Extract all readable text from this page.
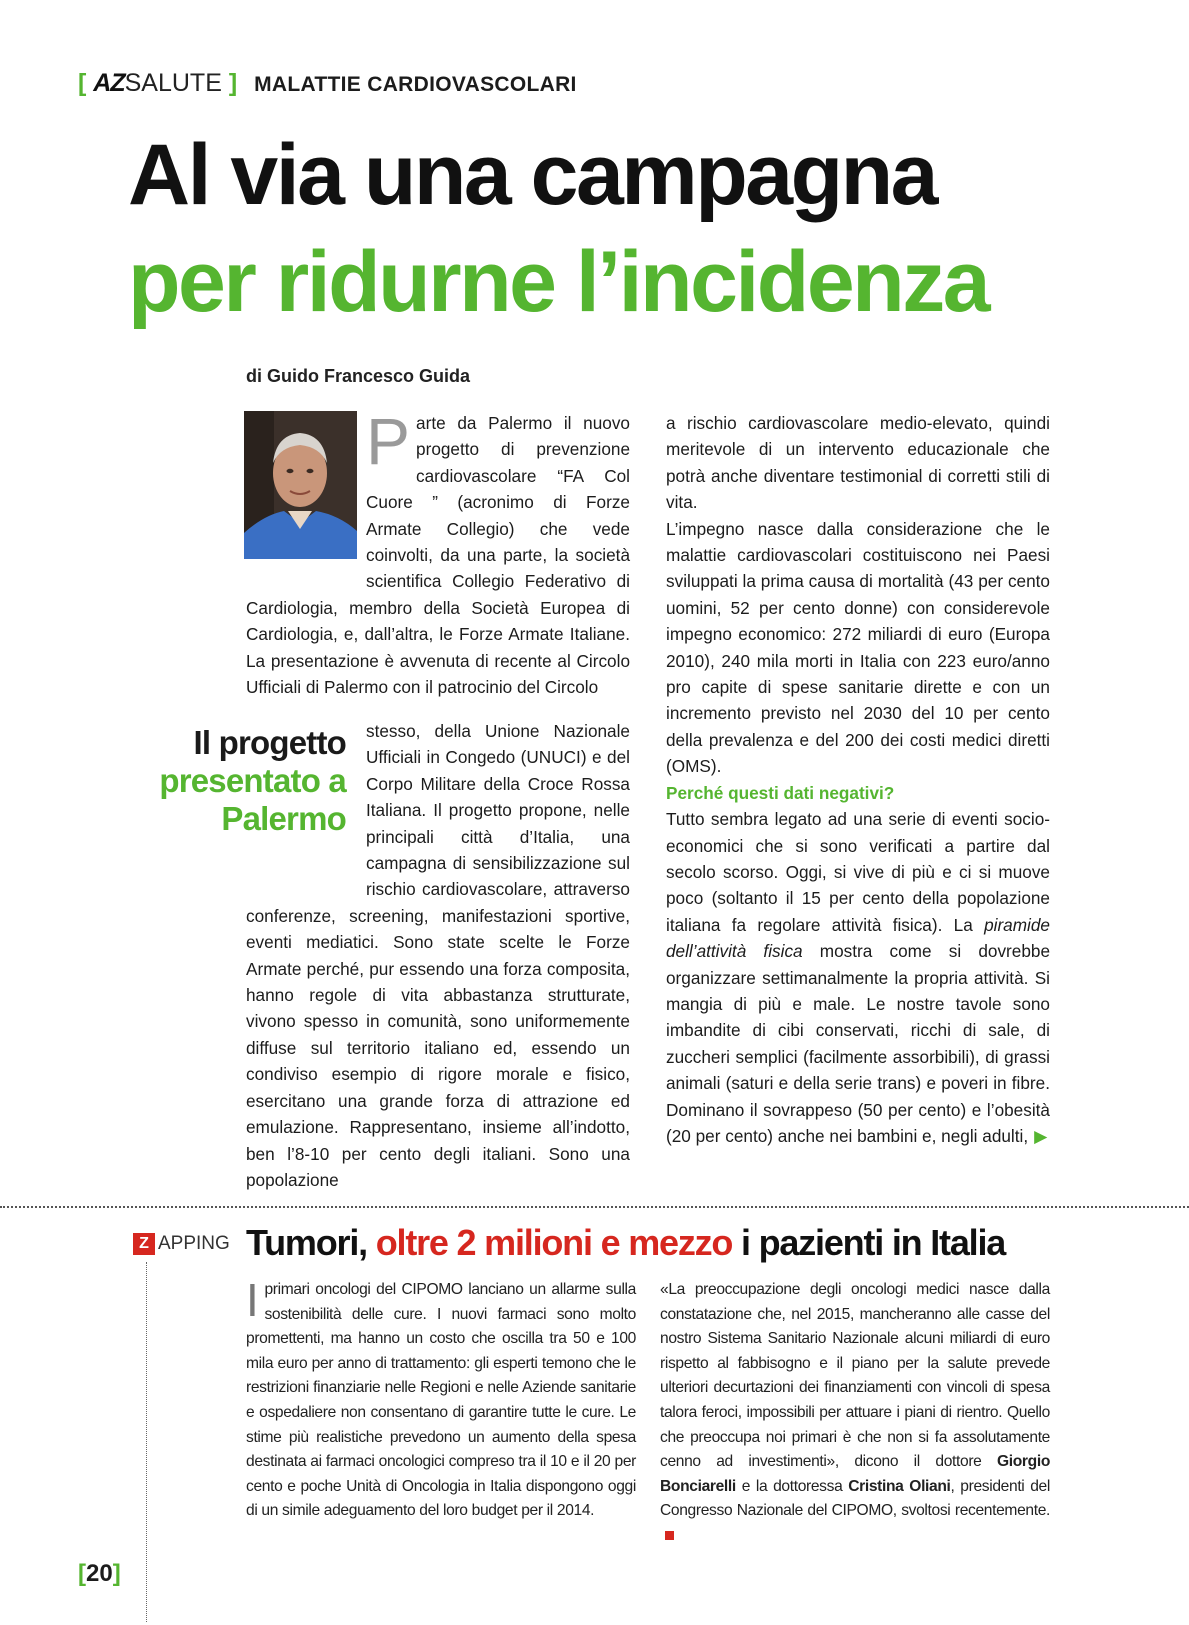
[ AZSALUTE ] MALATTIE CARDIOVASCOLARI
Al via una campagna
per ridurne l’incidenza
di Guido Francesco Guida
Parte da Palermo il nuovo progetto di prevenzione cardiovascolare “FA Col Cuore ” (acronimo di Forze Armate Collegio) che vede coinvolti, da una parte, la società scientifica Collegio Federativo di Cardiologia, membro della Società Europea di Cardiologia, e, dall’altra, le Forze Armate Italiane. La presentazione è avvenuta di recente al Circolo Ufficiali di Palermo con il patrocinio del Circolo
Il progetto
presentato a Palermo
stesso, della Unione Nazionale Ufficiali in Congedo (UNUCI) e del Corpo Militare della Croce Rossa Italiana. Il progetto propone, nelle principali città d’Italia, una campagna di sensibilizzazione sul rischio cardiovascolare, attraverso conferenze, screening, manifestazioni sportive, eventi mediatici. Sono state scelte le Forze Armate perché, pur essendo una forza composita, hanno regole di vita abbastanza strutturate, vivono spesso in comunità, sono uniformemente diffuse sul territorio italiano ed, essendo un condiviso esempio di rigore morale e fisico, esercitano una grande forza di attrazione ed emulazione. Rappresentano, insieme all’indotto, ben l’8-10 per cento degli italiani. Sono una popolazione

a rischio cardiovascolare medio-elevato, quindi meritevole di un intervento educazionale che potrà anche diventare testimonial di corretti stili di vita.

L’impegno nasce dalla considerazione che le malattie cardiovascolari costituiscono nei Paesi sviluppati la prima causa di mortalità (43 per cento uomini, 52 per cento donne) con considerevole impegno economico: 272 miliardi di euro (Europa 2010), 240 mila morti in Italia con 223 euro/anno pro capite di spese sanitarie dirette e con un incremento previsto nel 2030 del 10 per cento della prevalenza e del 200 dei costi medici diretti (OMS).

Perché questi dati negativi?

Tutto sembra legato ad una serie di eventi socio-economici che si sono verificati a partire dal secolo scorso. Oggi, si vive di più e ci si muove poco (soltanto il 15 per cento della popolazione italiana fa regolare attività fisica). La piramide dell’attività fisica mostra come si dovrebbe organizzare settimanalmente la propria attività. Si mangia di più e male. Le nostre tavole sono imbandite di cibi conservati, ricchi di sale, di zuccheri semplici (facilmente assorbibili), di grassi animali (saturi e della serie trans) e poveri in fibre. Dominano il sovrappeso (50 per cento) e l’obesità (20 per cento) anche nei bambini e, negli adulti, ▶

Z APPING Tumori, oltre 2 milioni e mezzo i pazienti in Italia
Iprimari oncologi del CIPOMO lanciano un allarme sulla sostenibilità delle cure. I nuovi farmaci sono molto promettenti, ma hanno un costo che oscilla tra 50 e 100 mila euro per anno di trattamento: gli esperti temono che le restrizioni finanziarie nelle Regioni e nelle Aziende sanitarie e ospedaliere non consentano di garantire tutte le cure. Le stime più realistiche prevedono un aumento della spesa destinata ai farmaci oncologici compreso tra il 10 e il 20 per cento e poche Unità di Oncologia in Italia dispongono oggi di un simile adeguamento del loro budget per il 2014.
«La preoccupazione degli oncologi medici nasce dalla constatazione che, nel 2015, mancheranno alle casse del nostro Sistema Sanitario Nazionale alcuni miliardi di euro rispetto al fabbisogno e il piano per la salute prevede ulteriori decurtazioni dei finanziamenti con vincoli di spesa talora feroci, impossibili per attuare i piani di rientro. Quello che preoccupa noi primari è che non si fa assolutamente cenno ad investimenti», dicono il dottore Giorgio Bonciarelli e la dottoressa Cristina Oliani, presidenti del Congresso Nazionale del CIPOMO, svoltosi recentemente.
[20]
